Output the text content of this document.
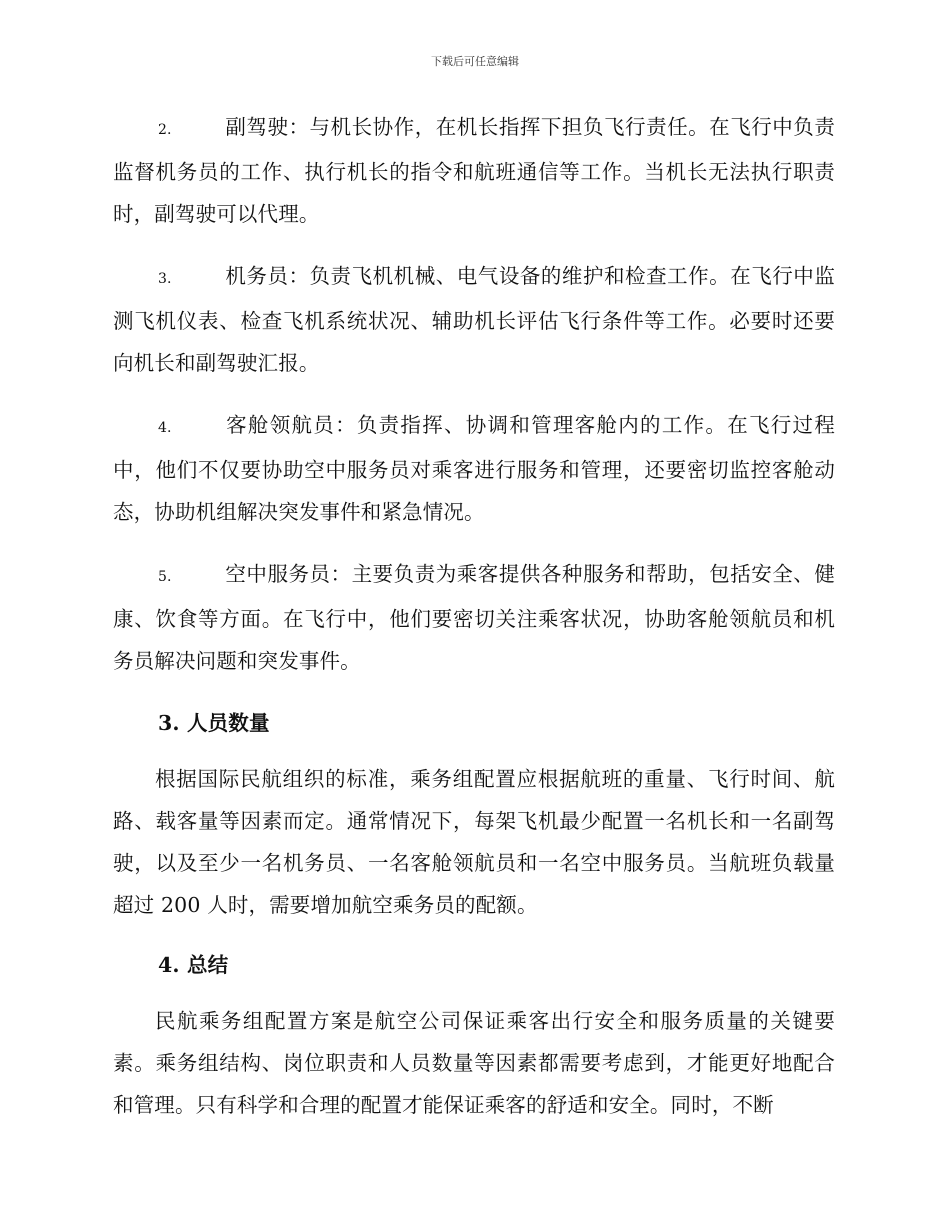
下载后可任意编辑

2.	副驾驶：与机长协作，在机长指挥下担负飞行责任。在飞行中负责监督机务员的工作、执行机长的指令和航班通信等工作。当机长无法执行职责时，副驾驶可以代理。

3.	机务员：负责飞机机械、电气设备的维护和检查工作。在飞行中监测飞机仪表、检查飞机系统状况、辅助机长评估飞行条件等工作。必要时还要向机长和副驾驶汇报。

4.	客舱领航员：负责指挥、协调和管理客舱内的工作。在飞行过程中，他们不仅要协助空中服务员对乘客进行服务和管理，还要密切监控客舱动态，协助机组解决突发事件和紧急情况。

5.	空中服务员：主要负责为乘客提供各种服务和帮助，包括安全、健康、饮食等方面。在飞行中，他们要密切关注乘客状况，协助客舱领航员和机务员解决问题和突发事件。

3. 人员数量

根据国际民航组织的标准，乘务组配置应根据航班的重量、飞行时间、航路、载客量等因素而定。通常情况下，每架飞机最少配置一名机长和一名副驾驶，以及至少一名机务员、一名客舱领航员和一名空中服务员。当航班负载量超过 200 人时，需要增加航空乘务员的配额。

4. 总结

民航乘务组配置方案是航空公司保证乘客出行安全和服务质量的关键要素。乘务组结构、岗位职责和人员数量等因素都需要考虑到，才能更好地配合和管理。只有科学和合理的配置才能保证乘客的舒适和安全。同时，不断
